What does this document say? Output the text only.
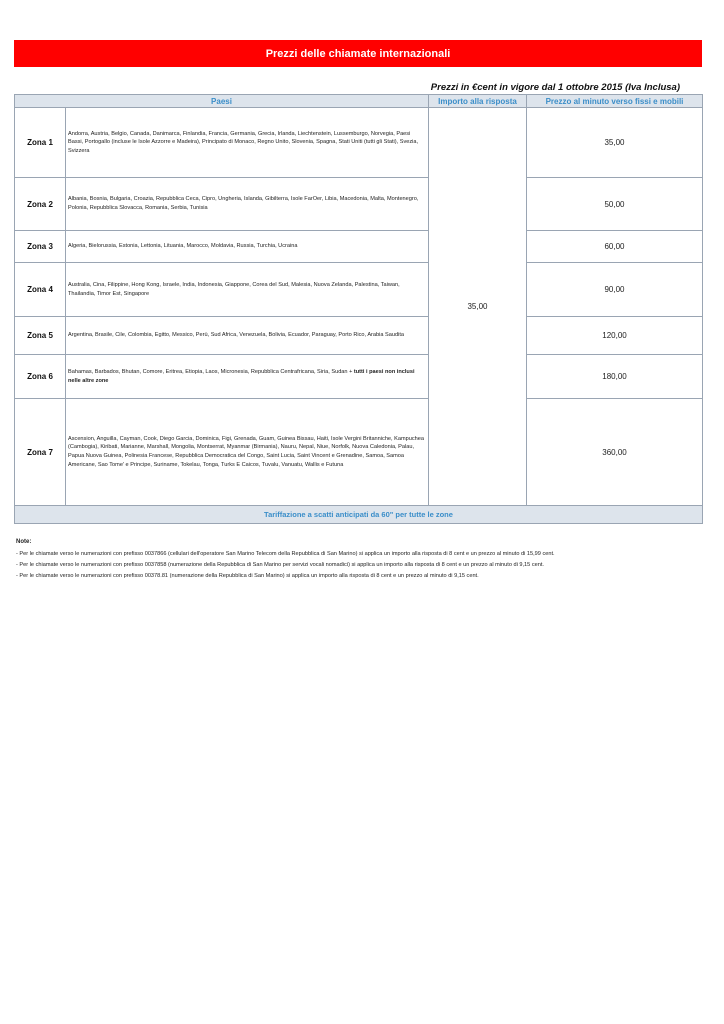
Prezzi delle chiamate internazionali
Prezzi in €cent in vigore dal 1 ottobre 2015 (Iva Inclusa)
Paesi		Importo alla risposta	Prezzo al minuto verso fissi e mobili
Zona 1	Andorra, Austria, Belgio, Canada, Danimarca, Finlandia, Francia, Germania, Grecia, Irlanda, Liechtenstein, Lussemburgo, Norvegia, Paesi Bassi, Portogallo (incluse le Isole Azzorre e Madeira), Principato di Monaco, Regno Unito, Slovenia, Spagna, Stati Uniti (tutti gli Stati), Svezia, Svizzera	35,00	35,00
Zona 2	Albania, Bosnia, Bulgaria, Croazia, Repubblica Ceca, Cipro, Ungheria, Islanda, Gibilterra, Isole FarOer, Libia, Macedonia, Malta, Montenegro, Polonia, Repubblica Slovacca, Romania, Serbia, Tunisia		50,00
Zona 3	Algeria, Bielorussia, Estonia, Lettonia, Lituania, Marocco, Moldavia, Russia, Turchia, Ucraina		60,00
Zona 4	Australia, Cina, Filippine, Hong Kong, Israele, India, Indonesia, Giappone, Corea del Sud, Malesia, Nuova Zelanda, Palestina, Taiwan, Thailandia, Timor Est, Singapore		90,00
Zona 5	Argentina, Brasile, Cile, Colombia, Egitto, Messico, Perù, Sud Africa, Venezuela, Bolivia, Ecuador, Paraguay, Porto Rico, Arabia Saudita		120,00
Zona 6	Bahamas, Barbados, Bhutan, Comore, Eritrea, Etiopia, Laos, Micronesia, Repubblica Centrafricana, Siria, Sudan + tutti i paesi non inclusi nelle altre zone		180,00
Zona 7	Ascension, Anguilla, Cayman, Cook, Diego Garcia, Dominica, Figi, Grenada, Guam, Guinea Bissau, Haiti, Isole Vergini Britanniche, Kampuchea (Cambogia), Kiribati, Marianne, Marshall, Mongolia, Montserrat, Myanmar (Birmania), Nauru, Nepal, Niue, Norfolk, Nuova Caledonia, Palau, Papua Nuova Guinea, Polinesia Francese, Repubblica Democratica del Congo, Saint Lucia, Saint Vincent e Grenadine, Samoa, Samoa Americane, Sao Tome' e Principe, Suriname, Tokelau, Tonga, Turks E Caicos, Tuvalu, Vanuatu, Wallis e Futuna		360,00
Tariffazione a scatti anticipati da 60" per tutte le zone			
Note:
- Per le chiamate verso le numerazioni con prefisso 0037866 (cellulari dell'operatore San Marino Telecom della Repubblica di San Marino) si applica un importo alla risposta di 8 cent e un prezzo al minuto di 15,99 cent.
- Per le chiamate verso le numerazioni con prefisso 0037858 (numerazione della Repubblica di San Marino per servizi vocali nomadici) si applica un importo alla risposta di 8 cent e un prezzo al minuto di 9,15 cent.
- Per le chiamate verso le numerazioni con prefisso 00378.81 (numerazione della Repubblica di San Marino) si applica un importo alla risposta di 8 cent e un prezzo al minuto di 9,15 cent.
